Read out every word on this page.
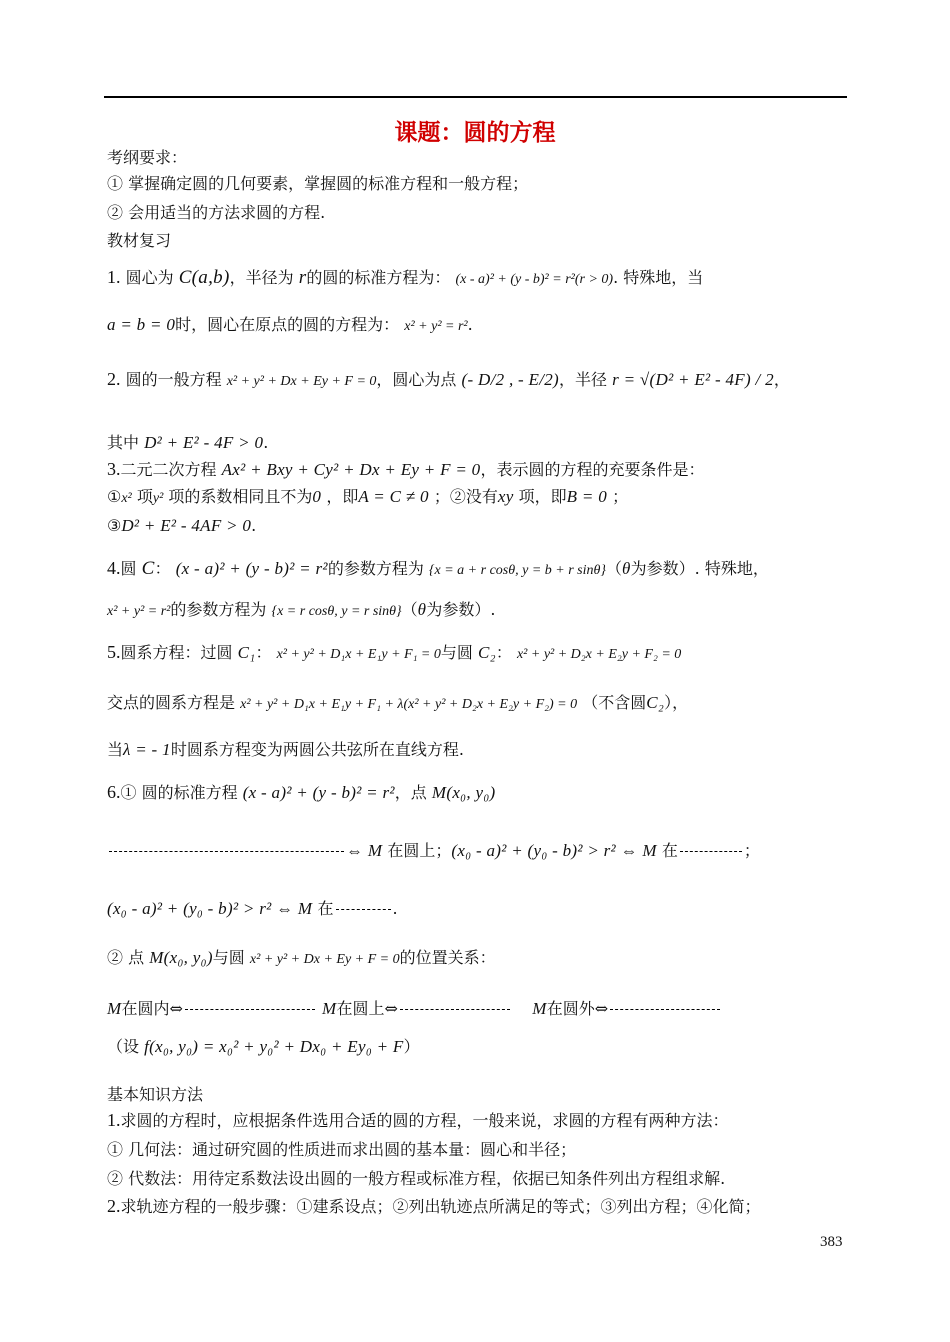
课题：圆的方程
考纲要求：
① 掌握确定圆的几何要素，掌握圆的标准方程和一般方程；
② 会用适当的方法求圆的方程.
教材复习
1. 圆心为 C(a,b)，半径为 r的圆的标准方程为： (x - a)² + (y - b)² = r²(r > 0). 特殊地，当
a = b = 0时，圆心在原点的圆的方程为： x² + y² = r².
2. 圆的一般方程 x² + y² + Dx + Ey + F = 0，圆心为点 (- D/2 , - E/2)，半径 r = √(D² + E² - 4F) / 2，
其中 D² + E² - 4F > 0.
3.二元二次方程 Ax² + Bxy + Cy² + Dx + Ey + F = 0，表示圆的方程的充要条件是：
①x² 项y² 项的系数相同且不为0 ，即A = C ≠ 0 ；②没有xy 项，即B = 0 ；
③D² + E² - 4AF > 0.
4.圆 C： (x - a)² + (y - b)² = r²的参数方程为 {x = a + r cosθ, y = b + r sinθ}（θ为参数）. 特殊地，
x² + y² = r²的参数方程为 {x = r cosθ, y = r sinθ}（θ为参数）.
5.圆系方程：过圆 C₁： x² + y² + D₁x + E₁y + F₁ = 0与圆 C₂： x² + y² + D₂x + E₂y + F₂ = 0
交点的圆系方程是 x² + y² + D₁x + E₁y + F₁ + λ(x² + y² + D₂x + E₂y + F₂) = 0 （不含圆C₂），
当λ = - 1时圆系方程变为两圆公共弦所在直线方程.
6.① 圆的标准方程 (x - a)² + (y - b)² = r²，点 M(x₀, y₀)
⇔ M 在圆上；(x₀ - a)² + (y₀ - b)² > r² ⇔ M 在	；
(x₀ - a)² + (y₀ - b)² > r² ⇔ M 在	.
② 点 M(x₀, y₀)与圆 x² + y² + Dx + Ey + F = 0的位置关系：
M在圆内⇔	M在圆上⇔	M在圆外⇔
（设 f(x₀, y₀) = x₀² + y₀² + Dx₀ + Ey₀ + F）
基本知识方法
1.求圆的方程时，应根据条件选用合适的圆的方程，一般来说，求圆的方程有两种方法：
① 几何法：通过研究圆的性质进而求出圆的基本量：圆心和半径；
② 代数法：用待定系数法设出圆的一般方程或标准方程，依据已知条件列出方程组求解.
2.求轨迹方程的一般步骤：①建系设点；②列出轨迹点所满足的等式；③列出方程；④化简；
383
